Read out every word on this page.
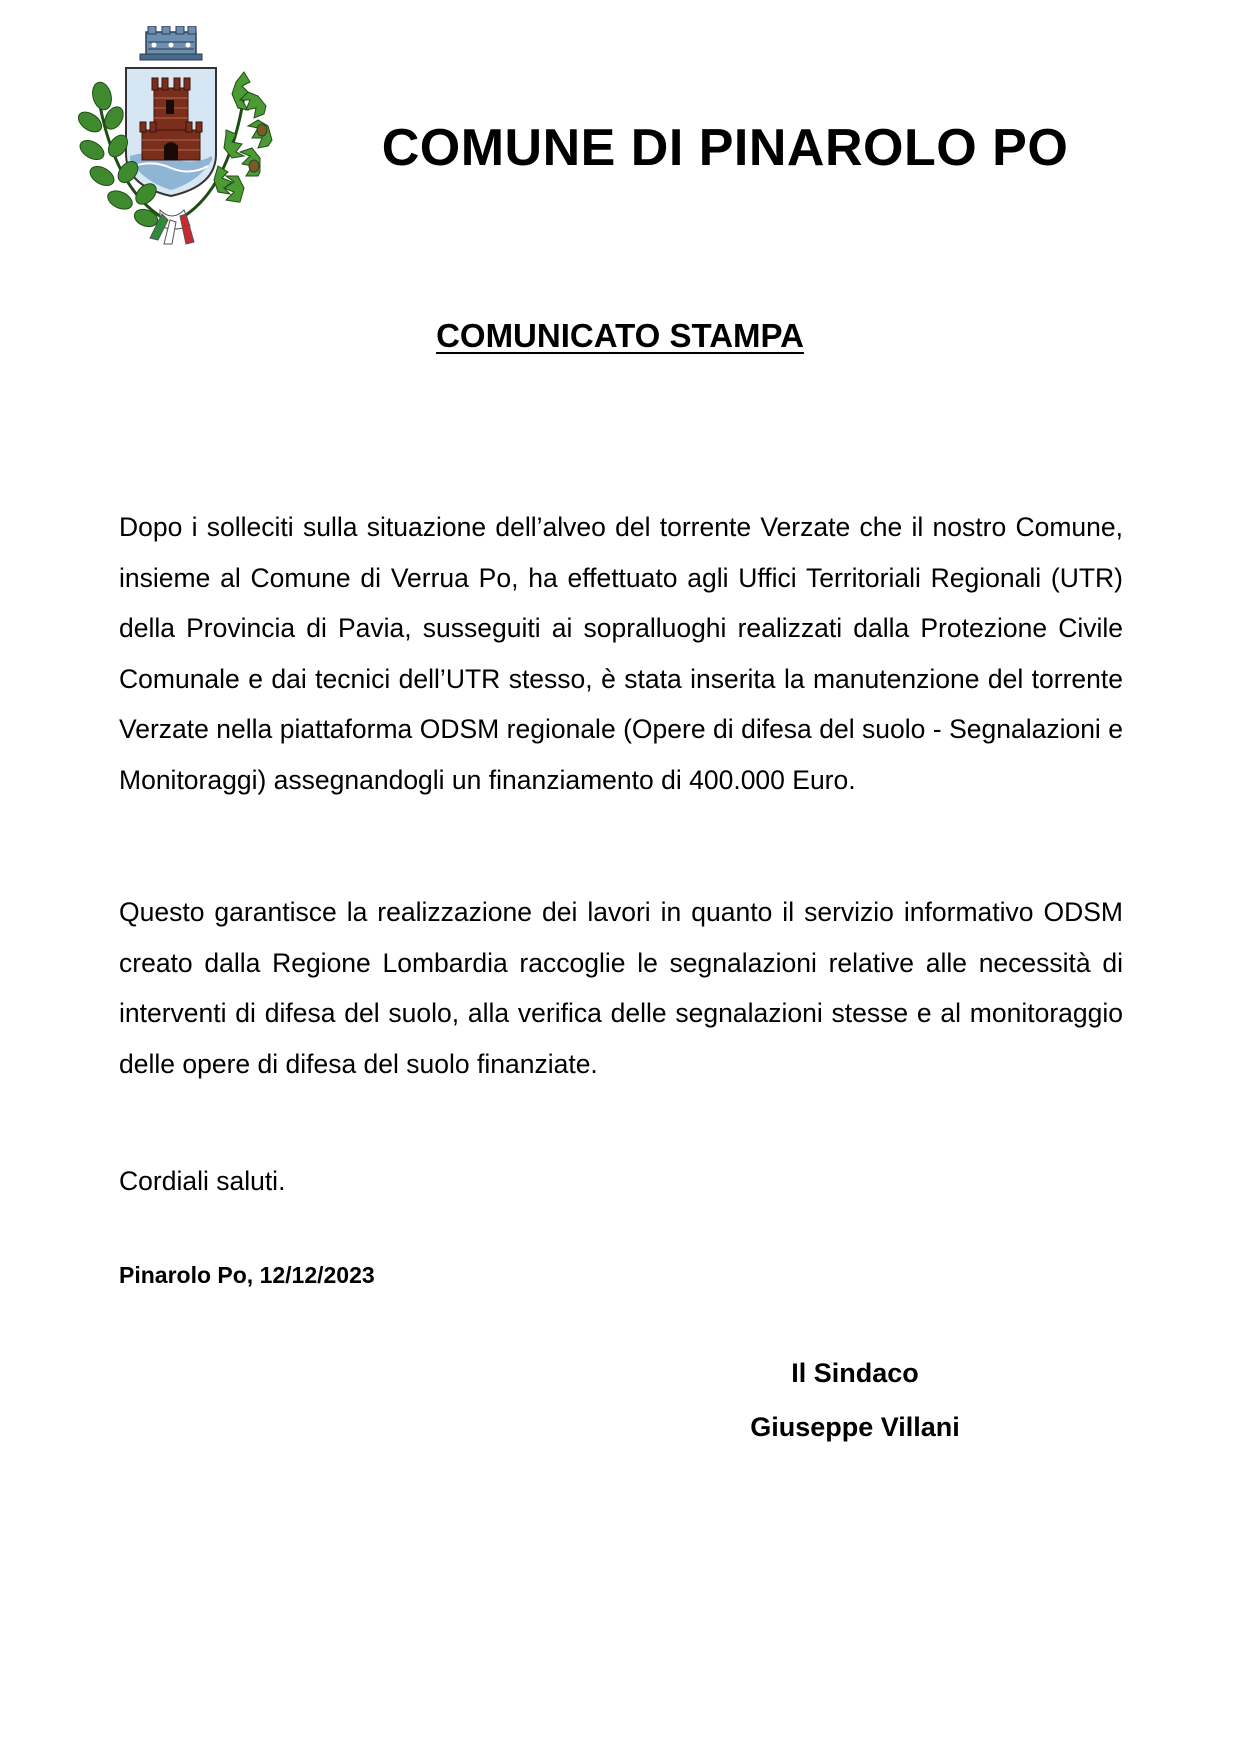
COMUNE DI PINAROLO PO
COMUNICATO STAMPA

Dopo i solleciti sulla situazione dell’alveo del torrente Verzate che il nostro Comune, insieme al Comune di Verrua Po, ha effettuato agli Uffici Territoriali Regionali (UTR) della Provincia di Pavia, susseguiti ai sopralluoghi realizzati dalla Protezione Civile Comunale e dai tecnici dell’UTR stesso, è stata inserita la manutenzione del torrente Verzate nella piattaforma ODSM regionale (Opere di difesa del suolo - Segnalazioni e Monitoraggi) assegnandogli un finanziamento di 400.000 Euro.

Questo garantisce la realizzazione dei lavori in quanto il servizio informativo ODSM creato dalla Regione Lombardia raccoglie le segnalazioni relative alle necessità di interventi di difesa del suolo, alla verifica delle segnalazioni stesse e al monitoraggio delle opere di difesa del suolo finanziate.

Cordiali saluti.

Pinarolo Po, 12/12/2023
Il Sindaco
Giuseppe Villani
